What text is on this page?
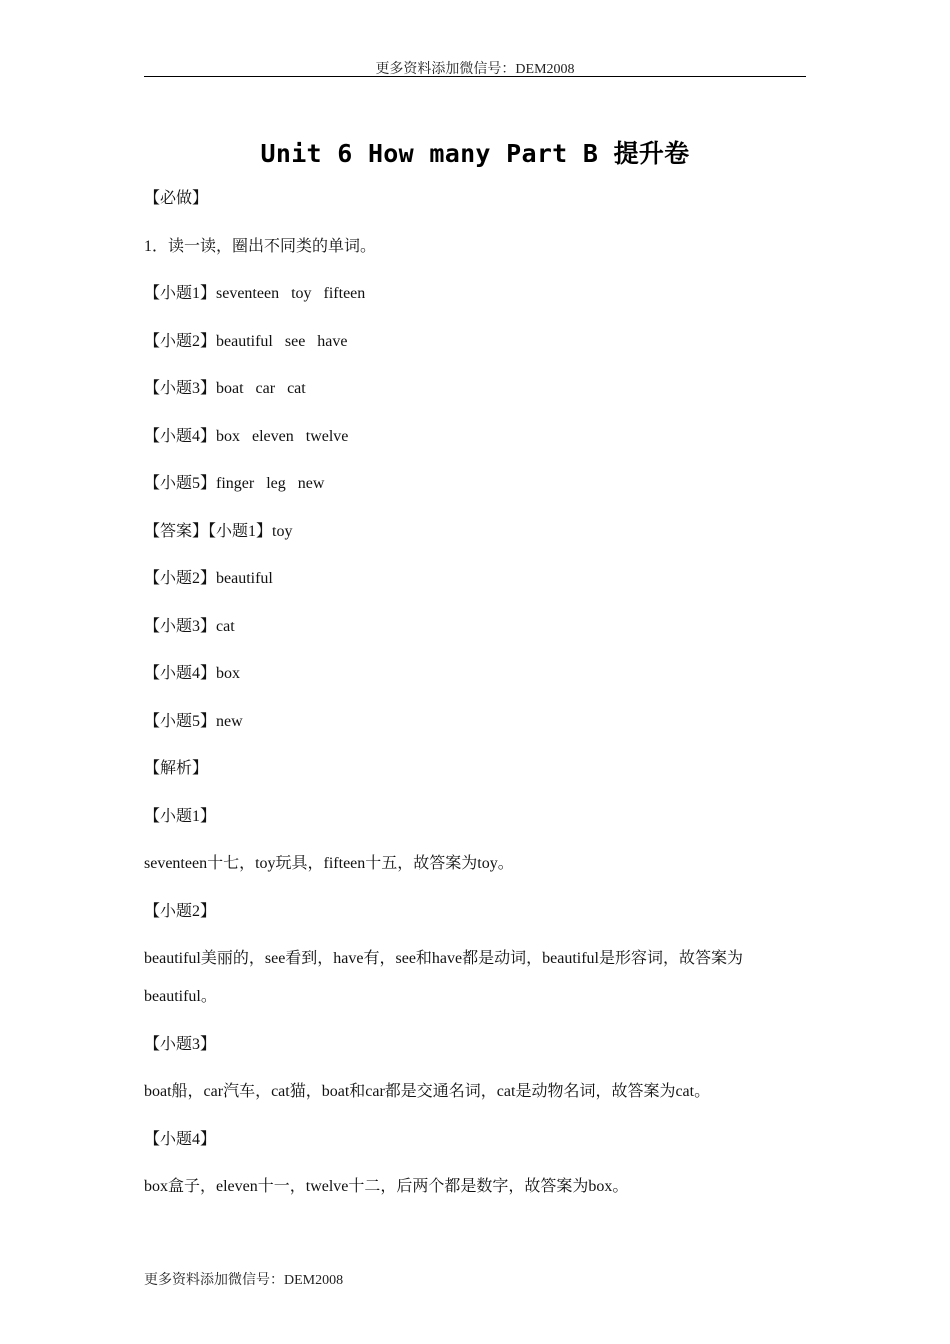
更多资料添加微信号：DEM2008
Unit 6 How many Part B 提升卷
【必做】
1．读一读，圈出不同类的单词。
【小题1】seventeen   toy   fifteen
【小题2】beautiful   see   have
【小题3】boat   car   cat
【小题4】box   eleven   twelve
【小题5】finger   leg   new
【答案】【小题1】toy
【小题2】beautiful
【小题3】cat
【小题4】box
【小题5】new
【解析】
【小题1】
seventeen十七，toy玩具，fifteen十五，故答案为toy。
【小题2】
beautiful美丽的，see看到，have有，see和have都是动词，beautiful是形容词，故答案为beautiful。
【小题3】
boat船，car汽车，cat猫，boat和car都是交通名词，cat是动物名词，故答案为cat。
【小题4】
box盒子，eleven十一，twelve十二，后两个都是数字，故答案为box。
更多资料添加微信号：DEM2008
